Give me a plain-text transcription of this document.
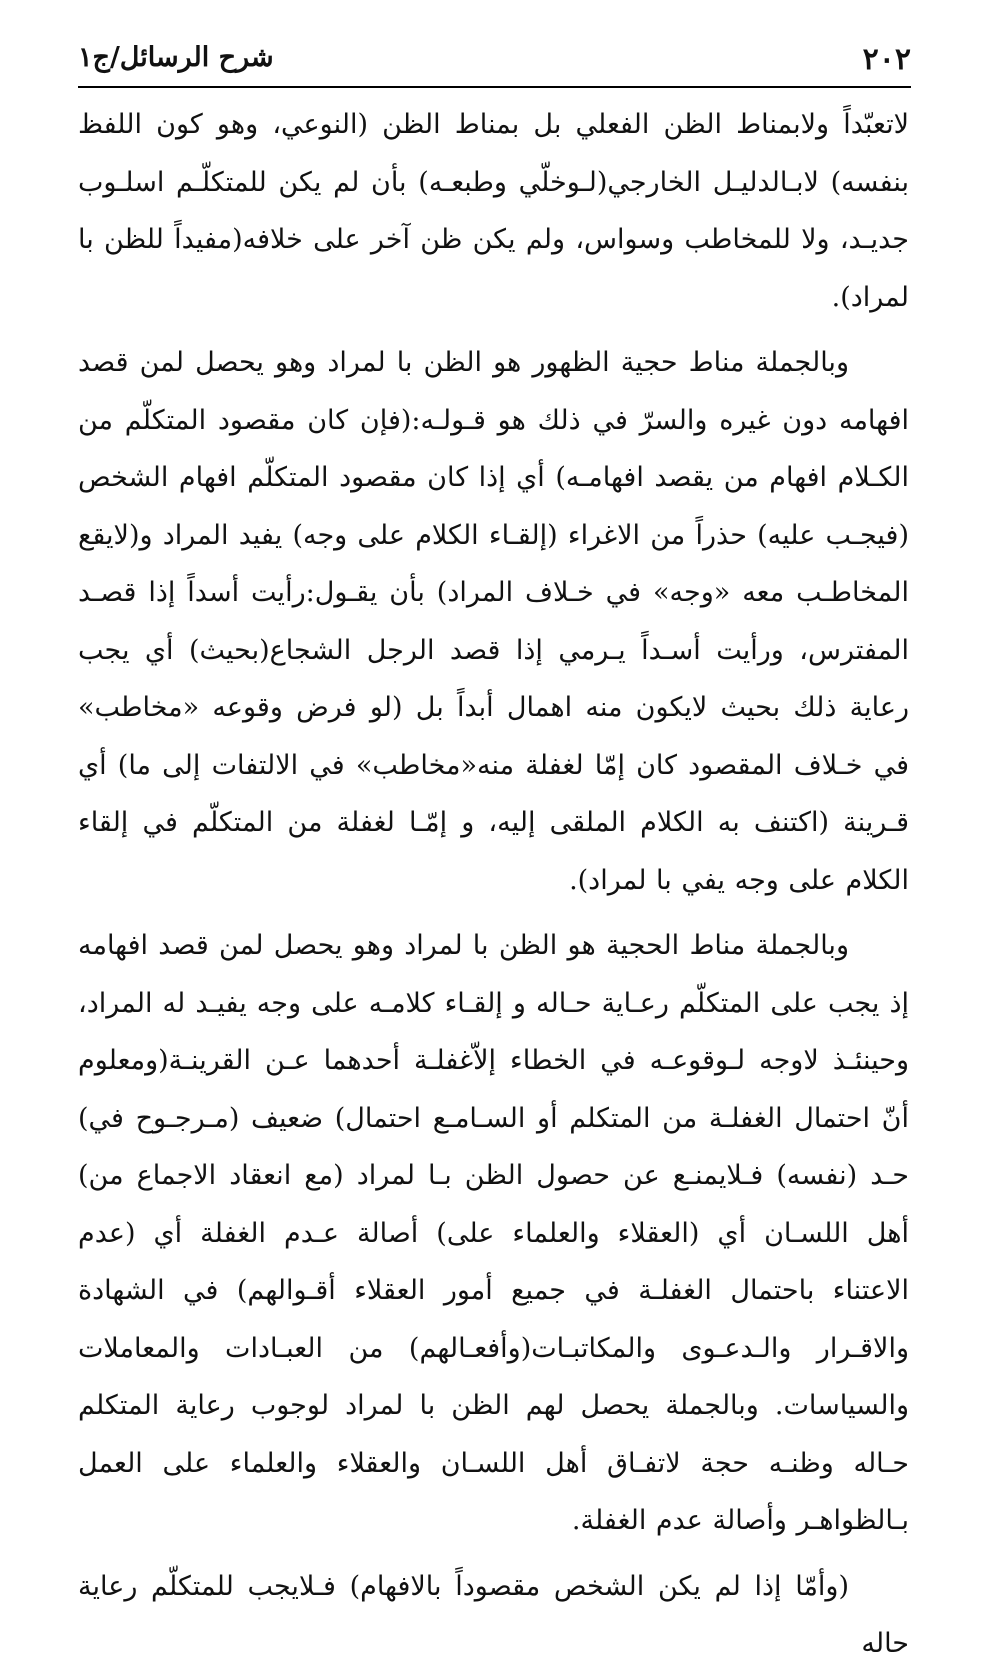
٢٠٢
شرح الرسائل/ج١

لاتعبّداً ولابمناط الظن الفعلي بل بمناط الظن (النوعي، وهو كون اللفظ بنفسه) لابـالدليـل الخارجي(لـوخلّي وطبعـه) بأن لم يكن للمتكلّـم اسلـوب جديـد، ولا للمخاطب وسواس، ولم يكن ظن آخر على خلافه(مفيداً للظن با لمراد).

وبالجملة مناط حجية الظهور هو الظن با لمراد وهو يحصل لمن قصد افهامه دون غيره والسرّ في ذلك هو قـولـه:(فإن كان مقصود المتكلّم من الكـلام افهام من يقصد افهامـه) أي إذا كان مقصود المتكلّم افهام الشخص (فيجـب عليه) حذراً من الاغراء (إلقـاء الكلام على وجه) يفيد المراد و(لايقع المخاطـب معه «وجه» في خـلاف المراد) بأن يقـول:رأيت أسداً إذا قصـد المفترس، ورأيت أسـداً يـرمي إذا قصد الرجل الشجاع(بحيث) أي يجب رعاية ذلك بحيث لايكون منه اهمال أبداً بل (لو فرض وقوعه «مخاطب» في خـلاف المقصود كان إمّا لغفلة منه«مخاطب» في الالتفات إلى ما) أي قـرينة (اكتنف به الكلام الملقى إليه، و إمّـا لغفلة من المتكلّم في إلقاء الكلام على وجه يفي با لمراد).

وبالجملة مناط الحجية هو الظن با لمراد وهو يحصل لمن قصد افهامه إذ يجب على المتكلّم رعـاية حـاله و إلقـاء كلامـه على وجه يفيـد له المراد، وحينئـذ لاوجه لـوقوعـه في الخطاء إلاّغفلـة أحدهما عـن القرينـة(ومعلوم أنّ احتمال الغفلـة من المتكلم أو السـامـع احتمال) ضعيف (مـرجـوح في) حـد (نفسه) فـلايمنـع عن حصول الظن بـا لمراد (مع انعقاد الاجماع من) أهل اللسـان أي (العقلاء والعلماء على) أصالة عـدم الغفلة أي (عدم الاعتناء باحتمال الغفلـة في جميع أمور العقلاء أقـوالهم) في الشهادة والاقـرار والـدعـوى والمكاتبـات(وأفعـالهم) من العبـادات والمعاملات والسياسات. وبالجملة يحصل لهم الظن با لمراد لوجوب رعاية المتكلم حـاله وظنـه حجة لاتفـاق أهل اللسـان والعقلاء والعلماء على العمل بـالظواهـر وأصالة عدم الغفلة.

(وأمّا إذا لم يكن الشخص مقصوداً بالافهام) فـلايجب للمتكلّم رعاية حاله
